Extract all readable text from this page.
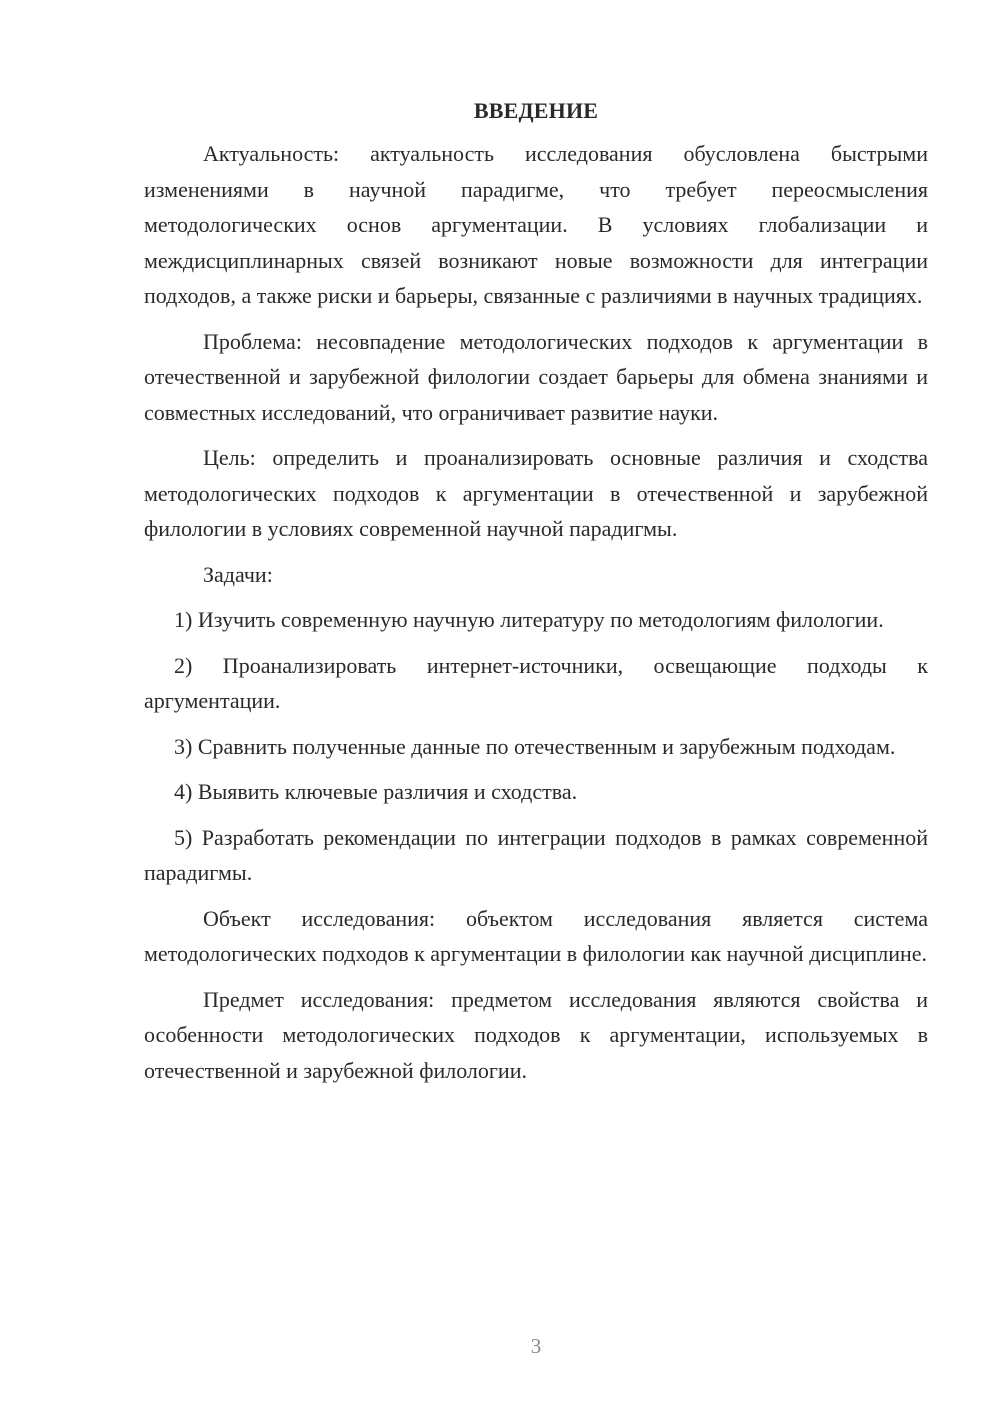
ВВЕДЕНИЕ

Актуальность: актуальность исследования обусловлена быстрыми изменениями в научной парадигме, что требует переосмысления методологических основ аргументации. В условиях глобализации и междисциплинарных связей возникают новые возможности для интеграции подходов, а также риски и барьеры, связанные с различиями в научных традициях.

Проблема: несовпадение методологических подходов к аргументации в отечественной и зарубежной филологии создает барьеры для обмена знаниями и совместных исследований, что ограничивает развитие науки.

Цель: определить и проанализировать основные различия и сходства методологических подходов к аргументации в отечественной и зарубежной филологии в условиях современной научной парадигмы.

Задачи:

1) Изучить современную научную литературу по методологиям филологии.

2) Проанализировать интернет-источники, освещающие подходы к аргументации.

3) Сравнить полученные данные по отечественным и зарубежным подходам.

4) Выявить ключевые различия и сходства.

5) Разработать рекомендации по интеграции подходов в рамках современной парадигмы.

Объект исследования: объектом исследования является система методологических подходов к аргументации в филологии как научной дисциплине.

Предмет исследования: предметом исследования являются свойства и особенности методологических подходов к аргументации, используемых в отечественной и зарубежной филологии.

3
